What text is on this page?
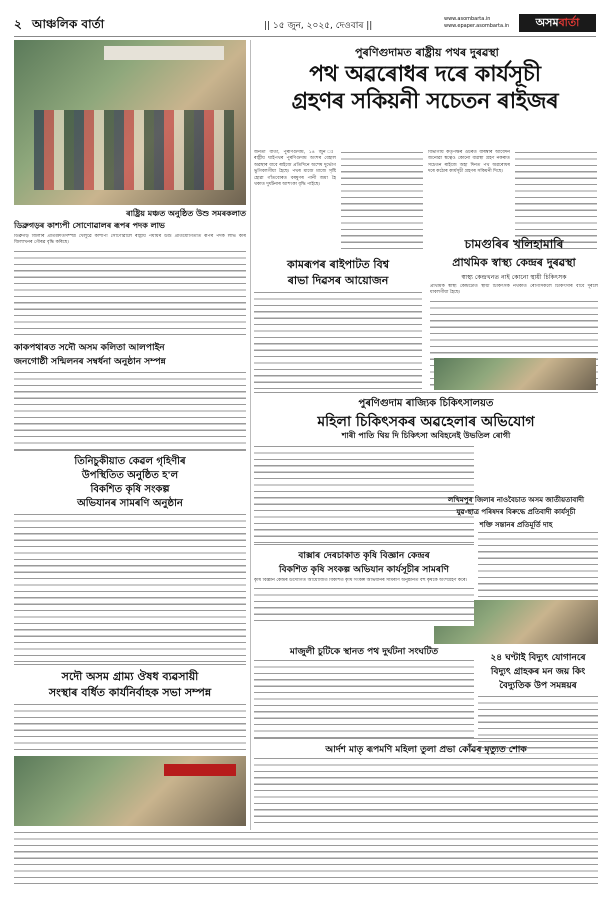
২ আঞ্চলিক বাৰ্তা	|| ১৫ জুন, ২০২৫, দেওবাৰ ||
www.asombarta.in
www.epaper.asombarta.in	অসমবাৰ্তা
পুৰণিগুদামত ৰাষ্ট্ৰীয় পথৰ দুৰৱস্থা
পথ অৱৰোধৰ দৰে কাৰ্যসূচী
গ্ৰহণৰ সকিয়নী সচেতন ৰাইজৰ
জনতা বাৰ্তা, পুৰণিগুদাম, ১৪ জুন ঃ ৰাষ্ট্ৰীয় ঘাইপথৰ পুৰণিগুদাম অংশৰ বেহাল অৱস্থাৰ বাবে ৰাইজে প্ৰতিদিনে অশেষ দুৰ্ভোগ ভুগিবলগীয়া হৈছে। পথৰ মাজে মাজে সৃষ্টি হোৱা গাঁতবোৰত বৰষুণৰ পানী জমা হৈ থকাত দুৰ্ঘটনাৰ আশংকা বৃদ্ধি পাইছে।
বিভাগীয় কৰ্তৃপক্ষৰ ওচৰত বাৰম্বাৰ আবেদন জনোৱা স্বত্বেও কোনো ব্যৱস্থা গ্ৰহণ নকৰাত সচেতন ৰাইজে অহা দিনত পথ অৱৰোধৰ দৰে কঠোৰ কাৰ্যসূচী গ্ৰহণৰ সকিয়নী দিছে।
ৰাষ্ট্ৰিয় মঞ্চত অনুষ্ঠিত উশু সমৰকলাত
ডিব্ৰুগড়ৰ কাশ্যপী সোণোৱালৰ ৰূপৰ পদক লাভ
ডিব্ৰুগড় জিলাৰ প্ৰতিশ্ৰুতিসম্পন্ন খেলুৱৈ কাশ্যপী সোণোৱালে ৰাষ্ট্ৰীয় পৰ্যায়ৰ উশু প্ৰতিযোগিতাত ৰূপৰ পদক লাভ কৰি জিলাখনৰ গৌৰৱ বৃদ্ধি কৰিছে।
কামৰূপৰ ৰাইপাটত বিশ্ব
ৰাভা দিৱসৰ আয়োজন
চামগুৰিৰ খলিহামাৰি
প্ৰাথমিক স্বাস্থ্য কেন্দ্ৰৰ দুৰৱস্থা
স্বাস্থ্য কেন্দ্ৰখনত নাই কোনো স্থায়ী চিকিৎসক
প্ৰাথমিক স্বাস্থ্য কেন্দ্ৰটোত স্থায়ী চিকিৎসক নথকাত ৰোগীসকলে চিকিৎসাৰ বাবে দূৰলৈ যাবলগীয়া হৈছে।
কাকপথাৰত সদৌ অসম কলিতা আলপাইন
জনগোষ্ঠী সন্মিলনৰ সম্বৰ্ধনা অনুষ্ঠান সম্পন্ন
পুৰণিগুদাম ৰাজ্যিক চিকিৎসালয়ত
মহিলা চিকিৎসকৰ অৱহেলাৰ অভিযোগ
শাৰী পাতি থিয় দি চিকিৎসা অবিহনেই উভতিল ৰোগী
লখিমপুৰ জিলাৰ নাওবৈচাত অসম জাতীয়তাবাদী
যুৱ-ছাত্ৰ পৰিষদৰ বিৰুদ্ধে প্ৰতিবাদী কাৰ্যসূচী
শক্তি সন্তানৰ প্ৰতিমূৰ্তি দাহ
তিনিচুকীয়াত কেৱল গৃহিণীৰ
উপস্থিতিত অনুষ্ঠিত হ'ল
বিকশিত কৃষি সংকল্প
অভিযানৰ সামৰণি অনুষ্ঠান
বাক্সাৰ দেৰচাকাত কৃষি বিজ্ঞান কেন্দ্ৰৰ
বিকশিত কৃষি সংকল্প অভিযান কাৰ্যসূচীৰ সামৰণি
কৃষি বিজ্ঞান কেন্দ্ৰৰ উদ্যোগত আয়োজিত বিকশিত কৃষি সংকল্প অভিযানৰ সামৰণি অনুষ্ঠানত বহু কৃষকে অংশগ্ৰহণ কৰে।
মাজুলী চুটিকে স্থানত পথ দুৰ্ঘটনা সংঘটিত
২৪ ঘণ্টাই বিদ্যুৎ যোগানৰে
বিদ্যুৎ গ্ৰাহকৰ মন জয় কিং
বৈদ্যুতিক উপ সমন্নয়ৰ
সদৌ অসম গ্ৰাম্য ঔষধ ব্যৱসায়ী
সংস্থাৰ বৰ্ধিত কাৰ্যনিৰ্বাহক সভা সম্পন্ন
আৰ্দশ মাতৃ ৰূপমণি মহিলা তুলা প্ৰভা কোঁৱৰ মৃত্যুত শোক
